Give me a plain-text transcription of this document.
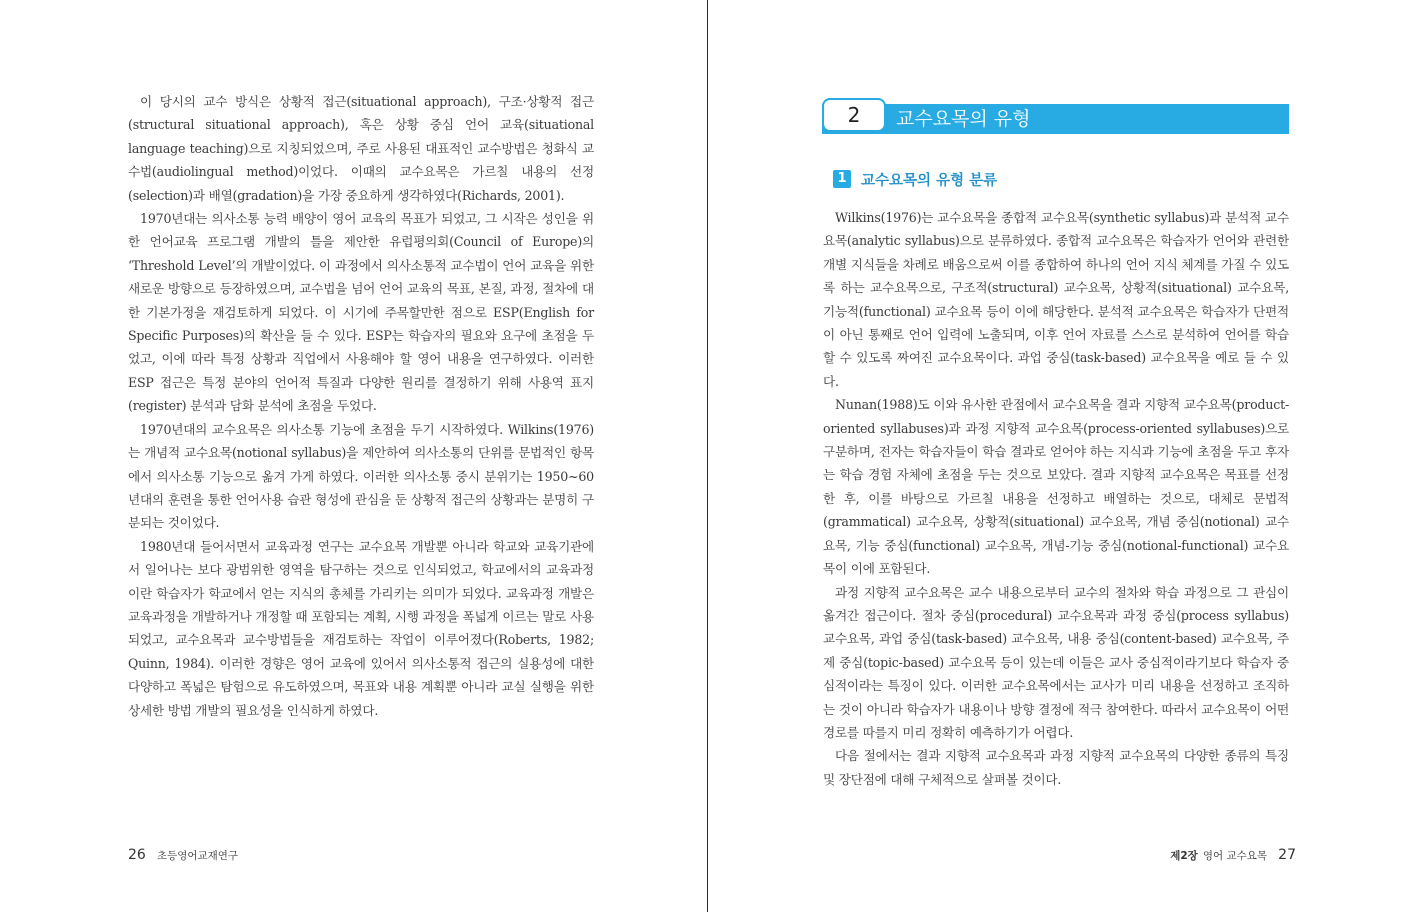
이 당시의 교수 방식은 상황적 접근(situational approach), 구조·상황적 접근(structural situational approach), 혹은 상황 중심 언어 교육(situational language teaching)으로 지칭되었으며, 주로 사용된 대표적인 교수방법은 청화식 교수법(audiolingual method)이었다. 이때의 교수요목은 가르칠 내용의 선정(selection)과 배열(gradation)을 가장 중요하게 생각하였다(Richards, 2001).

1970년대는 의사소통 능력 배양이 영어 교육의 목표가 되었고, 그 시작은 성인을 위한 언어교육 프로그램 개발의 틀을 제안한 유럽평의회(Council of Europe)의 ‘Threshold Level’의 개발이었다. 이 과정에서 의사소통적 교수법이 언어 교육을 위한 새로운 방향으로 등장하였으며, 교수법을 넘어 언어 교육의 목표, 본질, 과정, 절차에 대한 기본가정을 재검토하게 되었다. 이 시기에 주목할만한 점으로 ESP(English for Specific Purposes)의 확산을 들 수 있다. ESP는 학습자의 필요와 요구에 초점을 두었고, 이에 따라 특정 상황과 직업에서 사용해야 할 영어 내용을 연구하였다. 이러한 ESP 접근은 특정 분야의 언어적 특질과 다양한 원리를 결정하기 위해 사용역 표지(register) 분석과 담화 분석에 초점을 두었다.

1970년대의 교수요목은 의사소통 기능에 초점을 두기 시작하였다. Wilkins(1976)는 개념적 교수요목(notional syllabus)을 제안하여 의사소통의 단위를 문법적인 항목에서 의사소통 기능으로 옮겨 가게 하였다. 이러한 의사소통 중시 분위기는 1950~60년대의 훈련을 통한 언어사용 습관 형성에 관심을 둔 상황적 접근의 상황과는 분명히 구분되는 것이었다.

1980년대 들어서면서 교육과정 연구는 교수요목 개발뿐 아니라 학교와 교육기관에서 일어나는 보다 광범위한 영역을 탐구하는 것으로 인식되었고, 학교에서의 교육과정이란 학습자가 학교에서 얻는 지식의 총체를 가리키는 의미가 되었다. 교육과정 개발은 교육과정을 개발하거나 개정할 때 포함되는 계획, 시행 과정을 폭넓게 이르는 말로 사용되었고, 교수요목과 교수방법들을 재검토하는 작업이 이루어졌다(Roberts, 1982; Quinn, 1984). 이러한 경향은 영어 교육에 있어서 의사소통적 접근의 실용성에 대한 다양하고 폭넓은 탐험으로 유도하였으며, 목표와 내용 계획뿐 아니라 교실 실행을 위한 상세한 방법 개발의 필요성을 인식하게 하였다.

26 초등영어교재연구
2	교수요목의 유형
1 교수요목의 유형 분류

Wilkins(1976)는 교수요목을 종합적 교수요목(synthetic syllabus)과 분석적 교수요목(analytic syllabus)으로 분류하였다. 종합적 교수요목은 학습자가 언어와 관련한 개별 지식들을 차례로 배움으로써 이를 종합하여 하나의 언어 지식 체계를 가질 수 있도록 하는 교수요목으로, 구조적(structural) 교수요목, 상황적(situational) 교수요목, 기능적(functional) 교수요목 등이 이에 해당한다. 분석적 교수요목은 학습자가 단편적이 아닌 통째로 언어 입력에 노출되며, 이후 언어 자료를 스스로 분석하여 언어를 학습할 수 있도록 짜여진 교수요목이다. 과업 중심(task-based) 교수요목을 예로 들 수 있다.

Nunan(1988)도 이와 유사한 관점에서 교수요목을 결과 지향적 교수요목(product-oriented syllabuses)과 과정 지향적 교수요목(process-oriented syllabuses)으로 구분하며, 전자는 학습자들이 학습 결과로 얻어야 하는 지식과 기능에 초점을 두고 후자는 학습 경험 자체에 초점을 두는 것으로 보았다. 결과 지향적 교수요목은 목표를 선정한 후, 이를 바탕으로 가르칠 내용을 선정하고 배열하는 것으로, 대체로 문법적(grammatical) 교수요목, 상황적(situational) 교수요목, 개념 중심(notional) 교수요목, 기능 중심(functional) 교수요목, 개념-기능 중심(notional-functional) 교수요목이 이에 포함된다.

과정 지향적 교수요목은 교수 내용으로부터 교수의 절차와 학습 과정으로 그 관심이 옮겨간 접근이다. 절차 중심(procedural) 교수요목과 과정 중심(process syllabus) 교수요목, 과업 중심(task-based) 교수요목, 내용 중심(content-based) 교수요목, 주제 중심(topic-based) 교수요목 등이 있는데 이들은 교사 중심적이라기보다 학습자 중심적이라는 특징이 있다. 이러한 교수요목에서는 교사가 미리 내용을 선정하고 조직하는 것이 아니라 학습자가 내용이나 방향 결정에 적극 참여한다. 따라서 교수요목이 어떤 경로를 따를지 미리 정확히 예측하기가 어렵다.

다음 절에서는 결과 지향적 교수요목과 과정 지향적 교수요목의 다양한 종류의 특징 및 장단점에 대해 구체적으로 살펴볼 것이다.

제2장 영어 교수요목 27
